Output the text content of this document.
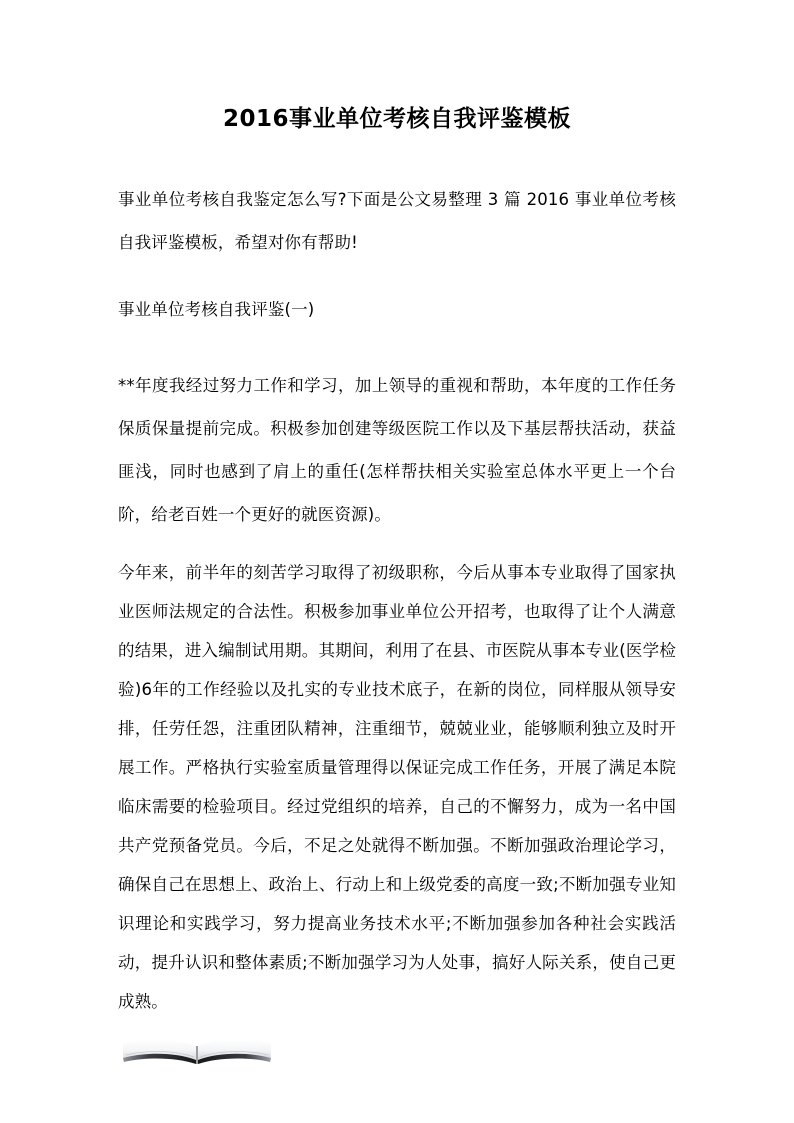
2016事业单位考核自我评鉴模板

事业单位考核自我鉴定怎么写?下面是公文易整理 3 篇 2016 事业单位考核自我评鉴模板，希望对你有帮助!

事业单位考核自我评鉴(一)

**年度我经过努力工作和学习，加上领导的重视和帮助，本年度的工作任务保质保量提前完成。积极参加创建等级医院工作以及下基层帮扶活动，获益匪浅，同时也感到了肩上的重任(怎样帮扶相关实验室总体水平更上一个台阶，给老百姓一个更好的就医资源)。

今年来，前半年的刻苦学习取得了初级职称，今后从事本专业取得了国家执业医师法规定的合法性。积极参加事业单位公开招考，也取得了让个人满意的结果，进入编制试用期。其期间，利用了在县、市医院从事本专业(医学检验)6年的工作经验以及扎实的专业技术底子，在新的岗位，同样服从领导安排，任劳任怨，注重团队精神，注重细节，兢兢业业，能够顺利独立及时开展工作。严格执行实验室质量管理得以保证完成工作任务，开展了满足本院临床需要的检验项目。经过党组织的培养，自己的不懈努力，成为一名中国共产党预备党员。今后，不足之处就得不断加强。不断加强政治理论学习，确保自己在思想上、政治上、行动上和上级党委的高度一致;不断加强专业知识理论和实践学习，努力提高业务技术水平;不断加强参加各种社会实践活动，提升认识和整体素质;不断加强学习为人处事，搞好人际关系，使自己更成熟。
